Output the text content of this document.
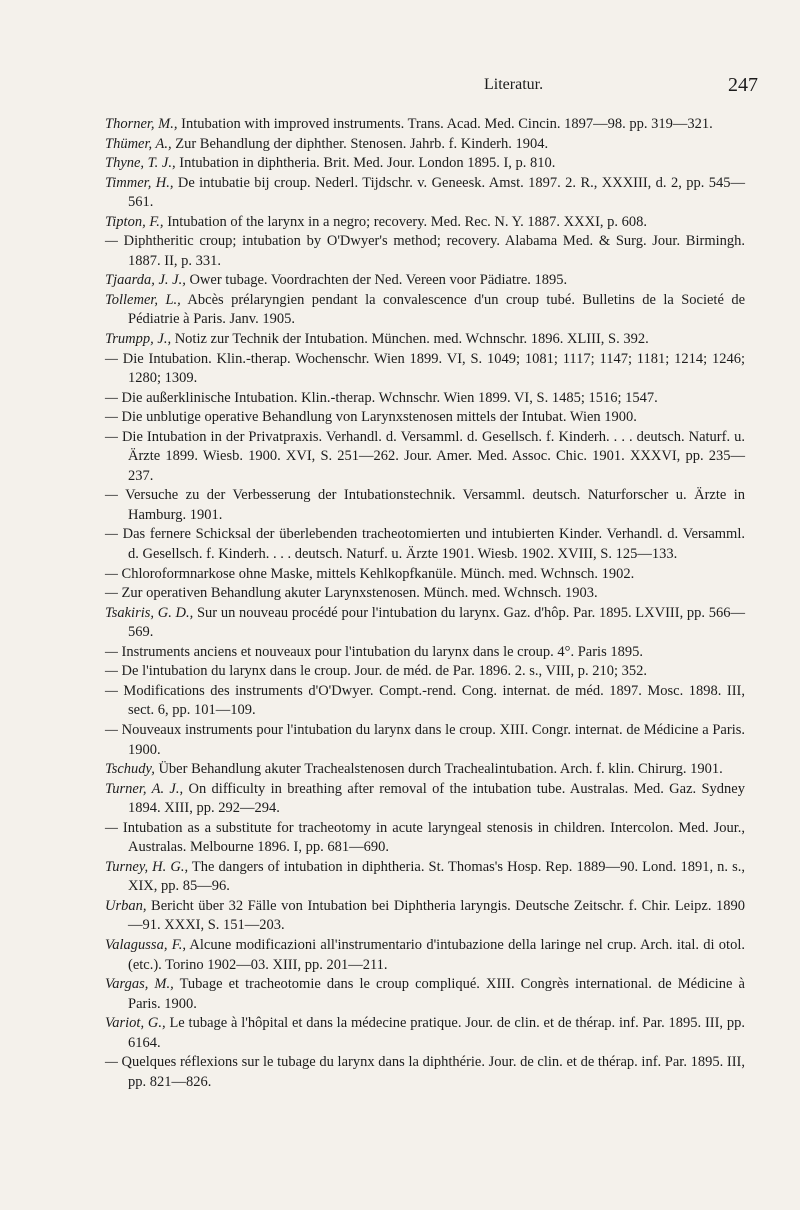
Literatur.	247

Thorner, M., Intubation with improved instruments. Trans. Acad. Med. Cincin. 1897—98. pp. 319—321.

Thümer, A., Zur Behandlung der diphther. Stenosen. Jahrb. f. Kinderh. 1904.

Thyne, T. J., Intubation in diphtheria. Brit. Med. Jour. London 1895. I, p. 810.

Timmer, H., De intubatie bij croup. Nederl. Tijdschr. v. Geneesk. Amst. 1897. 2. R., XXXIII, d. 2, pp. 545—561.

Tipton, F., Intubation of the larynx in a negro; recovery. Med. Rec. N. Y. 1887. XXXI, p. 608.

— Diphtheritic croup; intubation by O'Dwyer's method; recovery. Alabama Med. & Surg. Jour. Birmingh. 1887. II, p. 331.

Tjaarda, J. J., Ower tubage. Voordrachten der Ned. Vereen voor Pädiatre. 1895.

Tollemer, L., Abcès prélaryngien pendant la convalescence d'un croup tubé. Bulletins de la Societé de Pédiatrie à Paris. Janv. 1905.

Trumpp, J., Notiz zur Technik der Intubation. München. med. Wchnschr. 1896. XLIII, S. 392.

— Die Intubation. Klin.-therap. Wochenschr. Wien 1899. VI, S. 1049; 1081; 1117; 1147; 1181; 1214; 1246; 1280; 1309.

— Die außerklinische Intubation. Klin.-therap. Wchnschr. Wien 1899. VI, S. 1485; 1516; 1547.

— Die unblutige operative Behandlung von Larynxstenosen mittels der Intubat. Wien 1900.

— Die Intubation in der Privatpraxis. Verhandl. d. Versamml. d. Gesellsch. f. Kinderh. . . . deutsch. Naturf. u. Ärzte 1899. Wiesb. 1900. XVI, S. 251—262. Jour. Amer. Med. Assoc. Chic. 1901. XXXVI, pp. 235—237.

— Versuche zu der Verbesserung der Intubationstechnik. Versamml. deutsch. Naturforscher u. Ärzte in Hamburg. 1901.

— Das fernere Schicksal der überlebenden tracheotomierten und intubierten Kinder. Verhandl. d. Versamml. d. Gesellsch. f. Kinderh. . . . deutsch. Naturf. u. Ärzte 1901. Wiesb. 1902. XVIII, S. 125—133.

— Chloroformnarkose ohne Maske, mittels Kehlkopfkanüle. Münch. med. Wchnsch. 1902.

— Zur operativen Behandlung akuter Larynxstenosen. Münch. med. Wchnsch. 1903.

Tsakiris, G. D., Sur un nouveau procédé pour l'intubation du larynx. Gaz. d'hôp. Par. 1895. LXVIII, pp. 566—569.

— Instruments anciens et nouveaux pour l'intubation du larynx dans le croup. 4°. Paris 1895.

— De l'intubation du larynx dans le croup. Jour. de méd. de Par. 1896. 2. s., VIII, p. 210; 352.

— Modifications des instruments d'O'Dwyer. Compt.-rend. Cong. internat. de méd. 1897. Mosc. 1898. III, sect. 6, pp. 101—109.

— Nouveaux instruments pour l'intubation du larynx dans le croup. XIII. Congr. internat. de Médicine a Paris. 1900.

Tschudy, Über Behandlung akuter Trachealstenosen durch Trachealintubation. Arch. f. klin. Chirurg. 1901.

Turner, A. J., On difficulty in breathing after removal of the intubation tube. Australas. Med. Gaz. Sydney 1894. XIII, pp. 292—294.

— Intubation as a substitute for tracheotomy in acute laryngeal stenosis in children. Intercolon. Med. Jour., Australas. Melbourne 1896. I, pp. 681—690.

Turney, H. G., The dangers of intubation in diphtheria. St. Thomas's Hosp. Rep. 1889—90. Lond. 1891, n. s., XIX, pp. 85—96.

Urban, Bericht über 32 Fälle von Intubation bei Diphtheria laryngis. Deutsche Zeitschr. f. Chir. Leipz. 1890—91. XXXI, S. 151—203.

Valagussa, F., Alcune modificazioni all'instrumentario d'intubazione della laringe nel crup. Arch. ital. di otol. (etc.). Torino 1902—03. XIII, pp. 201—211.

Vargas, M., Tubage et tracheotomie dans le croup compliqué. XIII. Congrès international. de Médicine à Paris. 1900.

Variot, G., Le tubage à l'hôpital et dans la médecine pratique. Jour. de clin. et de thérap. inf. Par. 1895. III, pp. 6164.

— Quelques réflexions sur le tubage du larynx dans la diphthérie. Jour. de clin. et de thérap. inf. Par. 1895. III, pp. 821—826.
